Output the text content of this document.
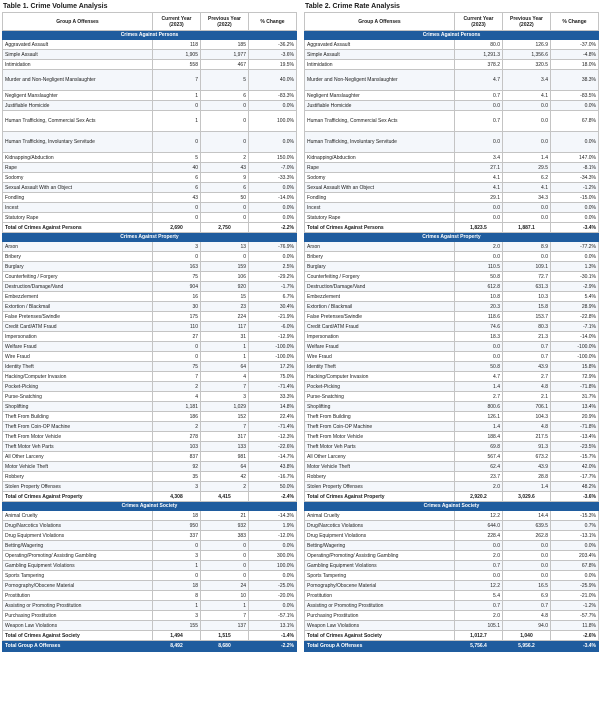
Table 1. Crime Volume Analysis
Group A Offenses	Current Year (2023)	Previous Year (2022)	% Change
Crimes Against Persons			
Aggravated Assault	118	185	-36.2%
Simple Assault	1,905	1,977	-3.6%
Intimidation	558	467	19.5%
Murder and Non-Negligent Manslaughter	7	5	40.0%
Negligent Manslaughter	1	6	-83.3%
Justifiable Homicide	0	0	0.0%
Human Trafficking, Commercial Sex Acts	1	0	100.0%
Human Trafficking, Involuntary Servitude	0	0	0.0%
Kidnapping/Abduction	5	2	150.0%
Rape	40	43	-7.0%
Sodomy	6	9	-33.3%
Sexual Assault With an Object	6	6	0.0%
Fondling	43	50	-14.0%
Incest	0	0	0.0%
Statutory Rape	0	0	0.0%
Total of Crimes Against Persons	2,690	2,750	-2.2%
Crimes Against Property			
Arson	3	13	-76.9%
Bribery	0	0	0.0%
Burglary	163	159	2.5%
Counterfeiting / Forgery	75	106	-29.2%
Destruction/Damage/Vand	904	920	-1.7%
Embezzlement	16	15	6.7%
Extortion / Blackmail	30	23	30.4%
False Pretenses/Swindle	175	224	-21.9%
Credit Card/ATM Fraud	110	117	-6.0%
Impersonation	27	31	-12.9%
Welfare Fraud	0	1	-100.0%
Wire Fraud	0	1	-100.0%
Identity Theft	75	64	17.2%
Hacking/Computer Invasion	7	4	75.0%
Pocket-Picking	2	7	-71.4%
Purse-Snatching	4	3	33.3%
Shoplifting	1,181	1,029	14.8%
Theft From Building	186	152	22.4%
Theft From Coin-OP Machine	2	7	-71.4%
Theft From Motor Vehicle	278	317	-12.3%
Theft Motor Veh Parts	103	133	-22.6%
All Other Larceny	837	981	-14.7%
Motor Vehicle Theft	92	64	43.8%
Robbery	35	42	-16.7%
Stolen Property Offenses	3	2	50.0%
Total of Crimes Against Property	4,308	4,415	-2.4%
Crimes Against Society			
Animal Cruelty	18	21	-14.3%
Drug/Narcotics Violations	950	932	1.9%
Drug Equipment Violations	337	383	-12.0%
Betting/Wagering	0	0	0.0%
Operating/Promoting/ Assisting Gambling	3	0	300.0%
Gambling Equipment Violations	1	0	100.0%
Sports Tampering	0	0	0.0%
Pornography/Obscene Material	18	24	-25.0%
Prostitution	8	10	-20.0%
Assisting or Promoting Prostitution	1	1	0.0%
Purchasing Prostitution	3	7	-57.1%
Weapon Law Violations	155	137	13.1%
Total of Crimes Against Society	1,494	1,515	-1.4%
Total Group A Offenses	8,492	8,680	-2.2%
Table 2. Crime Rate Analysis
Group A Offenses	Current Year (2023)	Previous Year (2022)	% Change
Crimes Against Persons			
Aggravated Assault	80.0	126.9	-37.0%
Simple Assault	1,291.3	1,356.6	-4.8%
Intimidation	378.2	320.5	18.0%
Murder and Non-Negligent Manslaughter	4.7	3.4	38.3%
Negligent Manslaughter	0.7	4.1	-83.5%
Justifiable Homicide	0.0	0.0	0.0%
Human Trafficking, Commercial Sex Acts	0.7	0.0	67.8%
Human Trafficking, Involuntary Servitude	0.0	0.0	0.0%
Kidnapping/Abduction	3.4	1.4	147.0%
Rape	27.1	29.5	-8.1%
Sodomy	4.1	6.2	-34.3%
Sexual Assault With an Object	4.1	4.1	-1.2%
Fondling	29.1	34.3	-15.0%
Incest	0.0	0.0	0.0%
Statutory Rape	0.0	0.0	0.0%
Total of Crimes Against Persons	1,823.5	1,887.1	-3.4%
Crimes Against Property			
Arson	2.0	8.9	-77.2%
Bribery	0.0	0.0	0.0%
Burglary	110.5	109.1	1.3%
Counterfeiting / Forgery	50.8	72.7	-30.1%
Destruction/Damage/Vand	612.8	631.3	-2.9%
Embezzlement	10.8	10.3	5.4%
Extortion / Blackmail	20.3	15.8	28.9%
False Pretenses/Swindle	118.6	153.7	-22.8%
Credit Card/ATM Fraud	74.6	80.3	-7.1%
Impersonation	18.3	21.3	-14.0%
Welfare Fraud	0.0	0.7	-100.0%
Wire Fraud	0.0	0.7	-100.0%
Identity Theft	50.8	43.9	15.8%
Hacking/Computer Invasion	4.7	2.7	72.9%
Pocket-Picking	1.4	4.8	-71.8%
Purse-Snatching	2.7	2.1	31.7%
Shoplifting	800.6	706.1	13.4%
Theft From Building	126.1	104.3	20.9%
Theft From Coin-OP Machine	1.4	4.8	-71.8%
Theft From Motor Vehicle	188.4	217.5	-13.4%
Theft Motor Veh Parts	69.8	91.3	-23.5%
All Other Larceny	567.4	673.2	-15.7%
Motor Vehicle Theft	62.4	43.9	42.0%
Robbery	23.7	28.8	-17.7%
Stolen Property Offenses	2.0	1.4	48.2%
Total of Crimes Against Property	2,920.2	3,029.6	-3.6%
Crimes Against Society			
Animal Cruelty	12.2	14.4	-15.3%
Drug/Narcotics Violations	644.0	639.5	0.7%
Drug Equipment Violations	228.4	262.8	-13.1%
Betting/Wagering	0.0	0.0	0.0%
Operating/Promoting/ Assisting Gambling	2.0	0.0	203.4%
Gambling Equipment Violations	0.7	0.0	67.8%
Sports Tampering	0.0	0.0	0.0%
Pornography/Obscene Material	12.2	16.5	-25.9%
Prostitution	5.4	6.9	-21.0%
Assisting or Promoting Prostitution	0.7	0.7	-1.2%
Purchasing Prostitution	2.0	4.8	-57.7%
Weapon Law Violations	105.1	94.0	11.8%
Total of Crimes Against Society	1,012.7	1,040	-2.6%
Total Group A Offenses	5,756.4	5,956.2	-3.4%
